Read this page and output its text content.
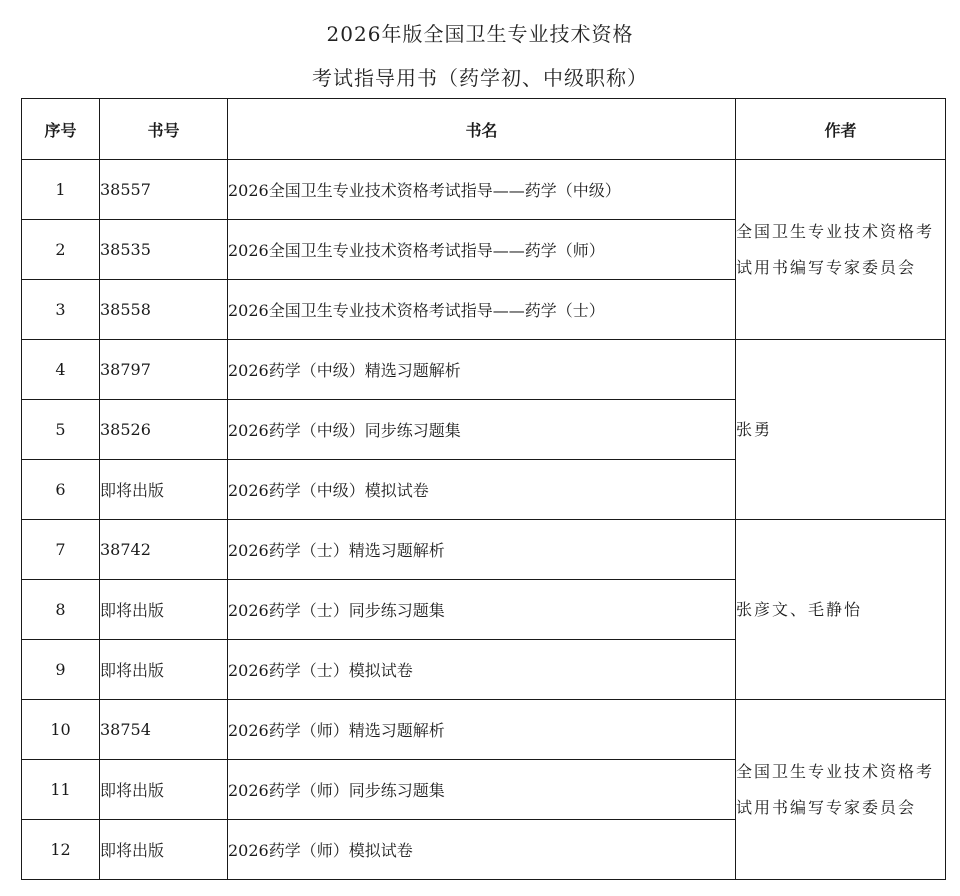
2026年版全国卫生专业技术资格
考试指导用书（药学初、中级职称）
序号	书号	书名	作者
1	38557	2026全国卫生专业技术资格考试指导——药学（中级）	全国卫生专业技术资格考试用书编写专家委员会
2	38535	2026全国卫生专业技术资格考试指导——药学（师）	
3	38558	2026全国卫生专业技术资格考试指导——药学（士）	
4	38797	2026药学（中级）精选习题解析	张勇
5	38526	2026药学（中级）同步练习题集	
6	即将出版	2026药学（中级）模拟试卷	
7	38742	2026药学（士）精选习题解析	张彦文、毛静怡
8	即将出版	2026药学（士）同步练习题集	
9	即将出版	2026药学（士）模拟试卷	
10	38754	2026药学（师）精选习题解析	全国卫生专业技术资格考试用书编写专家委员会
11	即将出版	2026药学（师）同步练习题集	
12	即将出版	2026药学（师）模拟试卷	
